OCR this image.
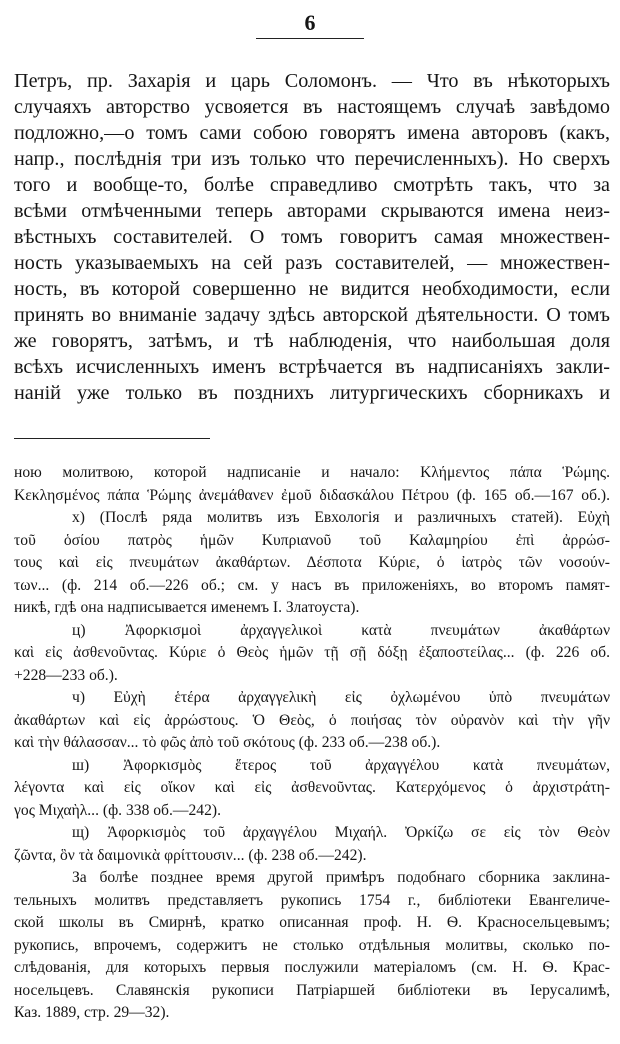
6
Петръ, пр. Захарія и царь Соломонъ. — Что въ нѣкоторыхъ
случаяхъ авторство усвояется въ настоящемъ случаѣ завѣдомо
подложно,—о томъ сами собою говорятъ имена авторовъ (какъ,
напр., послѣднія три изъ только что перечисленныхъ). Но сверхъ
того и вообще-то, болѣе справедливо смотрѣть такъ, что за
всѣми отмѣченными теперь авторами скрываются имена неиз-
вѣстныхъ составителей. О томъ говоритъ самая множествен-
ность указываемыхъ на сей разъ составителей, — множествен-
ность, въ которой совершенно не видится необходимости, если
принять во вниманіе задачу здѣсь авторской дѣятельности. О томъ
же говорятъ, затѣмъ, и тѣ наблюденія, что наибольшая доля
всѣхъ исчисленныхъ именъ встрѣчается въ надписаніяхъ закли-
наній уже только въ позднихъ литургическихъ сборникахъ и
ною молитвою, которой надписаніе и начало: Κλήμεντος πάπα Ῥώμης.
Κεκλησμένος πάπα Ῥώμης ἀνεμάθανεν ἐμοῦ διδασκάλου Πέτρου (ф. 165 об.—167 об.).
х) (Послѣ ряда молитвъ изъ Евхологія и различныхъ статей). Εὐχὴ
τοῦ ὁσίου πατρὸς ἡμῶν Κυπριανοῦ τοῦ Καλαμηρίου ἐπὶ ἀρρώσ-
τους καὶ εἰς πνευμάτων ἀκαθάρτων. Δέσποτα Κύριε, ὁ ἰατρὸς τῶν νοσούν-
των... (ф. 214 об.—226 об.; см. у насъ въ приложеніяхъ, во второмъ памят-
никѣ, гдѣ она надписывается именемъ І. Златоуста).
ц) Ἀφορκισμοὶ ἀρχαγγελικοὶ κατὰ πνευμάτων ἀκαθάρτων
καὶ εἰς ἀσθενοῦντας. Κύριε ὁ Θεὸς ἡμῶν τῇ σῇ δόξῃ ἐξαποστείλας... (ф. 226 об.
+228—233 об.).
ч) Εὐχὴ ἑτέρα ἀρχαγγελικὴ εἰς ὀχλωμένου ὑπὸ πνευμάτων
ἀκαθάρτων καὶ εἰς ἀρρώστους. Ὁ Θεὸς, ὁ ποιήσας τὸν οὐρανὸν καὶ τὴν γῆν
καὶ τὴν θάλασσαν... τὸ φῶς ἀπὸ τοῦ σκότους (ф. 233 об.—238 об.).
ш) Ἀφορκισμὸς ἕτερος τοῦ ἀρχαγγέλου κατὰ πνευμάτων,
λέγοντα καὶ εἰς οἴκον καὶ εἰς ἀσθενοῦντας. Κατερχόμενος ὁ ἀρχιστράτη-
γος Μιχαὴλ... (ф. 338 об.—242).
щ) Ἀφορκισμὸς τοῦ ἀρχαγγέλου Μιχαήλ. Ὀρκίζω σε εἰς τὸν Θεὸν
ζῶντα, ὃν τὰ δαιμονικὰ φρίττουσιν... (ф. 238 об.—242).
За болѣе позднее время другой примѣръ подобнаго сборника заклина-
тельныхъ молитвъ представляетъ рукопись 1754 г., библіотеки Евангеличе-
ской школы въ Смирнѣ, кратко описанная проф. Н. Ѳ. Красносельцевымъ;
рукопись, впрочемъ, содержитъ не столько отдѣльныя молитвы, сколько по-
слѣдованія, для которыхъ первыя послужили матеріаломъ (см. Н. Ѳ. Крас-
носельцевъ. Славянскія рукописи Патріаршей библіотеки въ Іерусалимѣ,
Каз. 1889, стр. 29—32).
